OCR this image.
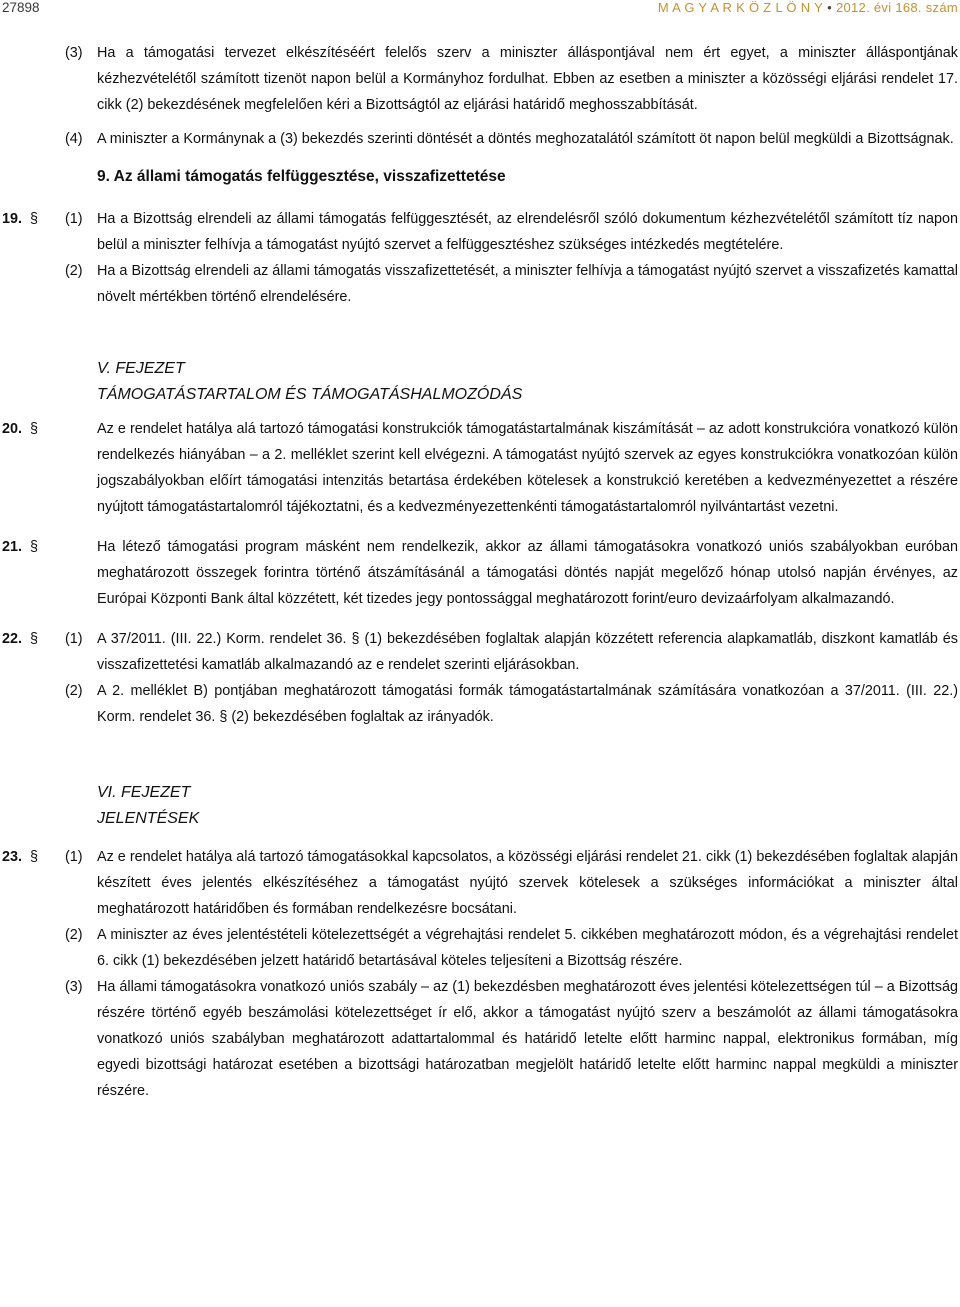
27898	M A G Y A R K Ö Z L Ö N Y • 2012. évi 168. szám
(3) Ha a támogatási tervezet elkészítéséért felelős szerv a miniszter álláspontjával nem ért egyet, a miniszter álláspontjának kézhezvételétől számított tizenöt napon belül a Kormányhoz fordulhat. Ebben az esetben a miniszter a közösségi eljárási rendelet 17. cikk (2) bekezdésének megfelelően kéri a Bizottságtól az eljárási határidő meghosszabbítását.
(4) A miniszter a Kormánynak a (3) bekezdés szerinti döntését a döntés meghozatalától számított öt napon belül megküldi a Bizottságnak.
9. Az állami támogatás felfüggesztése, visszafizettetése
19. § (1) Ha a Bizottság elrendeli az állami támogatás felfüggesztését, az elrendelésről szóló dokumentum kézhezvételétől számított tíz napon belül a miniszter felhívja a támogatást nyújtó szervet a felfüggesztéshez szükséges intézkedés megtételére.
(2) Ha a Bizottság elrendeli az állami támogatás visszafizettetését, a miniszter felhívja a támogatást nyújtó szervet a visszafizetés kamattal növelt mértékben történő elrendelésére.
V. FEJEZET
TÁMOGATÁSTARTALOM ÉS TÁMOGATÁSHALMOZÓDÁS
20. §	Az e rendelet hatálya alá tartozó támogatási konstrukciók támogatástartalmának kiszámítását – az adott konstrukcióra vonatkozó külön rendelkezés hiányában – a 2. melléklet szerint kell elvégezni. A támogatást nyújtó szervek az egyes konstrukciókra vonatkozóan külön jogszabályokban előírt támogatási intenzitás betartása érdekében kötelesek a konstrukció keretében a kedvezményezettet a részére nyújtott támogatástartalomról tájékoztatni, és a kedvezményezettenkénti támogatástartalomról nyilvántartást vezetni.
21. §	Ha létező támogatási program másként nem rendelkezik, akkor az állami támogatásokra vonatkozó uniós szabályokban euróban meghatározott összegek forintra történő átszámításánál a támogatási döntés napját megelőző hónap utolsó napján érvényes, az Európai Központi Bank által közzétett, két tizedes jegy pontossággal meghatározott forint/euro devizaárfolyam alkalmazandó.
22. § (1) A 37/2011. (III. 22.) Korm. rendelet 36. § (1) bekezdésében foglaltak alapján közzétett referencia alapkamatláb, diszkont kamatláb és visszafizettetési kamatláb alkalmazandó az e rendelet szerinti eljárásokban.
(2) A 2. melléklet B) pontjában meghatározott támogatási formák támogatástartalmának számítására vonatkozóan a 37/2011. (III. 22.) Korm. rendelet 36. § (2) bekezdésében foglaltak az irányadók.
VI. FEJEZET
JELENTÉSEK
23. § (1) Az e rendelet hatálya alá tartozó támogatásokkal kapcsolatos, a közösségi eljárási rendelet 21. cikk (1) bekezdésében foglaltak alapján készített éves jelentés elkészítéséhez a támogatást nyújtó szervek kötelesek a szükséges információkat a miniszter által meghatározott határidőben és formában rendelkezésre bocsátani.
(2) A miniszter az éves jelentéstételi kötelezettségét a végrehajtási rendelet 5. cikkében meghatározott módon, és a végrehajtási rendelet 6. cikk (1) bekezdésében jelzett határidő betartásával köteles teljesíteni a Bizottság részére.
(3) Ha állami támogatásokra vonatkozó uniós szabály – az (1) bekezdésben meghatározott éves jelentési kötelezettségen túl – a Bizottság részére történő egyéb beszámolási kötelezettséget ír elő, akkor a támogatást nyújtó szerv a beszámolót az állami támogatásokra vonatkozó uniós szabályban meghatározott adattartalommal és határidő letelte előtt harminc nappal, elektronikus formában, míg egyedi bizottsági határozat esetében a bizottsági határozatban megjelölt határidő letelte előtt harminc nappal megküldi a miniszter részére.
